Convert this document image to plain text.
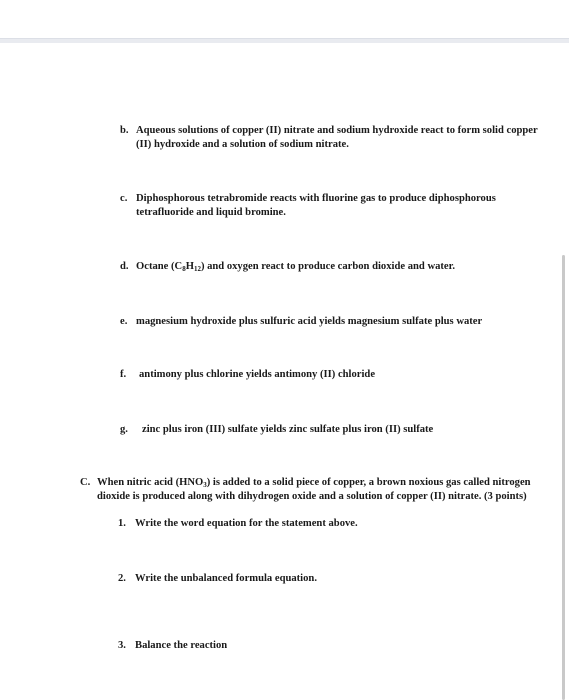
b. Aqueous solutions of copper (II) nitrate and sodium hydroxide react to form solid copper
(II) hydroxide and a solution of sodium nitrate.
c. Diphosphorous tetrabromide reacts with fluorine gas to produce diphosphorous
tetrafluoride and liquid bromine.
d. Octane $(C_8H_{12})$ and oxygen react to produce carbon dioxide and water.
e. magnesium hydroxide plus sulfuric acid yields magnesium sulfate plus water
f. antimony plus chlorine yields antimony (II) chloride
g. zinc plus iron (III) sulfate yields zinc sulfate plus iron (II) sulfate
C. When nitric acid $(HNO_3)$ is added to a solid piece of copper, a brown noxious gas called nitrogen
dioxide is produced along with dihydrogen oxide and a solution of copper (II) nitrate. (3 points)
1. Write the word equation for the statement above.
2. Write the unbalanced formula equation.
3. Balance the reaction
